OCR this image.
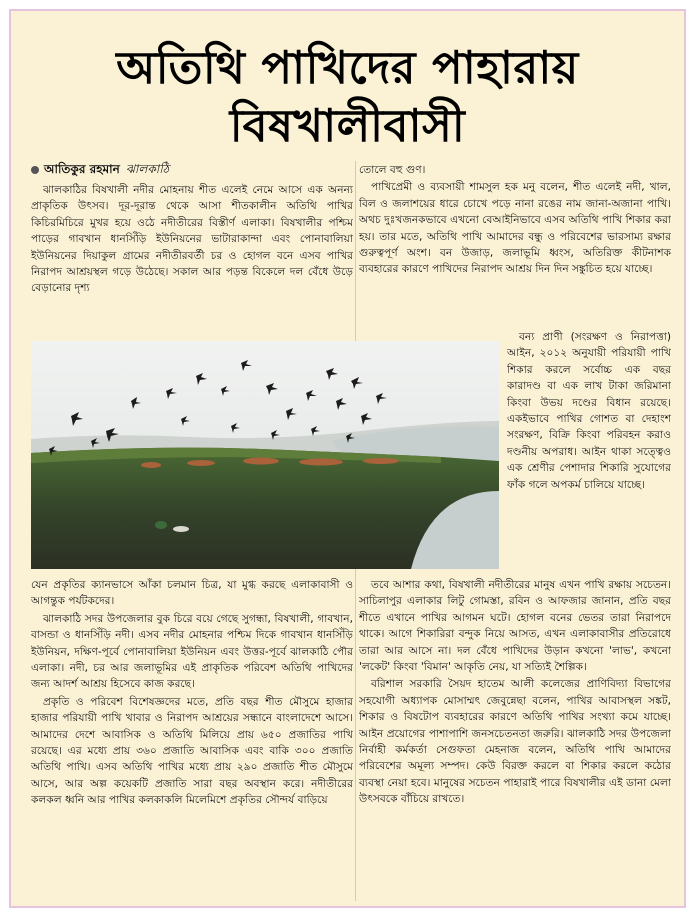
অতিথি পাখিদের পাহারায়
বিষখালীবাসী
আতিকুর রহমান ঝালকাঠি

ঝালকাঠির বিষখালী নদীর মোহনায় শীত এলেই নেমে আসে এক অনন্য প্রাকৃতিক উৎসব। দূর-দূরান্ত থেকে আসা শীতকালীন অতিথি পাখির কিচিরমিচিরে মুখর হয়ে ওঠে নদীতীরের বিস্তীর্ণ এলাকা। বিষখালীর পশ্চিম পাড়ের গাবখান ধানসিঁড়ি ইউনিয়নের ভাটারাকান্দা এবং পোনাবালিয়া ইউনিয়নের দিয়াকুল গ্রামের নদীতীরবর্তী চর ও হোগল বনে এসব পাখির নিরাপদ আশ্রয়স্থল গড়ে উঠেছে। সকাল আর পড়ন্ত বিকেলে দল বেঁধে উড়ে বেড়ানোর দৃশ্য

তোলে বহু গুণ।

পাখিপ্রেমী ও ব্যবসায়ী শামসুল হক মনু বলেন, শীত এলেই নদী, খাল, বিল ও জলাশয়ের ধারে চোখে পড়ে নানা রঙের নাম জানা-অজানা পাখি। অথচ দুঃখজনকভাবে এখনো বেআইনিভাবে এসব অতিথি পাখি শিকার করা হয়। তার মতে, অতিথি পাখি আমাদের বন্ধু ও পরিবেশের ভারসাম্য রক্ষার গুরুত্বপূর্ণ অংশ। বন উজাড়, জলাভূমি ধ্বংস, অতিরিক্ত কীটনাশক ব্যবহারের কারণে পাখিদের নিরাপদ আশ্রয় দিন দিন সঙ্কুচিত হয়ে যাচ্ছে।

বন্য প্রাণী (সংরক্ষণ ও নিরাপত্তা) আইন, ২০১২ অনুযায়ী পরিযায়ী পাখি শিকার করলে সর্বোচ্চ এক বছর কারাদণ্ড বা এক লাখ টাকা জরিমানা কিংবা উভয় দণ্ডের বিধান রয়েছে। একইভাবে পাখির গোশত বা দেহাংশ সংরক্ষণ, বিক্রি কিংবা পরিবহন করাও দণ্ডনীয় অপরাধ। আইন থাকা সত্ত্বেও এক শ্রেণীর পেশাদার শিকারি সুযোগের ফাঁক গলে অপকর্ম চালিয়ে যাচ্ছে।

যেন প্রকৃতির ক্যানভাসে আঁকা চলমান চিত্র, যা মুগ্ধ করছে এলাকাবাসী ও আগন্তুক পর্যটকদের।

ঝালকাঠি সদর উপজেলার বুক চিরে বয়ে গেছে সুগন্ধা, বিষখালী, গাবখান, বাসন্ডা ও ধানসিঁড়ি নদী। এসব নদীর মোহনার পশ্চিম দিকে গাবখান ধানসিঁড়ি ইউনিয়ন, দক্ষিণ-পূর্বে পোনাবালিয়া ইউনিয়ন এবং উত্তর-পূর্বে ঝালকাঠি পৌর এলাকা। নদী, চর আর জলাভূমির এই প্রাকৃতিক পরিবেশ অতিথি পাখিদের জন্য আদর্শ আশ্রয় হিসেবে কাজ করছে।

প্রকৃতি ও পরিবেশ বিশেষজ্ঞদের মতে, প্রতি বছর শীত মৌসুমে হাজার হাজার পরিযায়ী পাখি খাবার ও নিরাপদ আশ্রয়ের সন্ধানে বাংলাদেশে আসে। আমাদের দেশে আবাসিক ও অতিথি মিলিয়ে প্রায় ৬৫০ প্রজাতির পাখি রয়েছে। এর মধ্যে প্রায় ৩৬০ প্রজাতি আবাসিক এবং বাকি ৩০০ প্রজাতি অতিথি পাখি। এসব অতিথি পাখির মধ্যে প্রায় ২৯০ প্রজাতি শীত মৌসুমে আসে, আর অল্প কয়েকটি প্রজাতি সারা বছর অবস্থান করে। নদীতীরের কলকল ধ্বনি আর পাখির কলকাকলি মিলেমিশে প্রকৃতির সৌন্দর্য বাড়িয়ে

তবে আশার কথা, বিষখালী নদীতীরের মানুষ এখন পাখি রক্ষায় সচেতন। সাচিলাপুর এলাকার লিটু গোমস্তা, রবিন ও আফজার জানান, প্রতি বছর শীতে এখানে পাখির আগমন ঘটে। হোগল বনের ভেতর তারা নিরাপদে থাকে। আগে শিকারিরা বন্দুক নিয়ে আসত, এখন এলাকাবাসীর প্রতিরোধে তারা আর আসে না। দল বেঁধে পাখিদের উড়ান কখনো 'লাভ', কখনো 'লকেট' কিংবা 'বিমান' আকৃতি নেয়, যা সত্যিই শৈল্পিক।

বরিশাল সরকারি সৈয়দ হাতেম আলী কলেজের প্রাণিবিদ্যা বিভাগের সহযোগী অধ্যাপক মোসাম্মৎ জেবুন্নেছা বলেন, পাখির আবাসস্থল সঙ্কট, শিকার ও বিষটোপ ব্যবহারের কারণে অতিথি পাখির সংখ্যা কমে যাচ্ছে। আইন প্রয়োগের পাশাপাশি জনসচেতনতা জরুরি। ঝালকাঠি সদর উপজেলা নির্বাহী কর্মকর্তা সেগুফতা মেহনাজ বলেন, অতিথি পাখি আমাদের পরিবেশের অমূল্য সম্পদ। কেউ বিরক্ত করলে বা শিকার করলে কঠোর ব্যবস্থা নেয়া হবে। মানুষের সচেতন পাহারাই পারে বিষখালীর এই ডানা মেলা উৎসবকে বাঁচিয়ে রাখতে।
